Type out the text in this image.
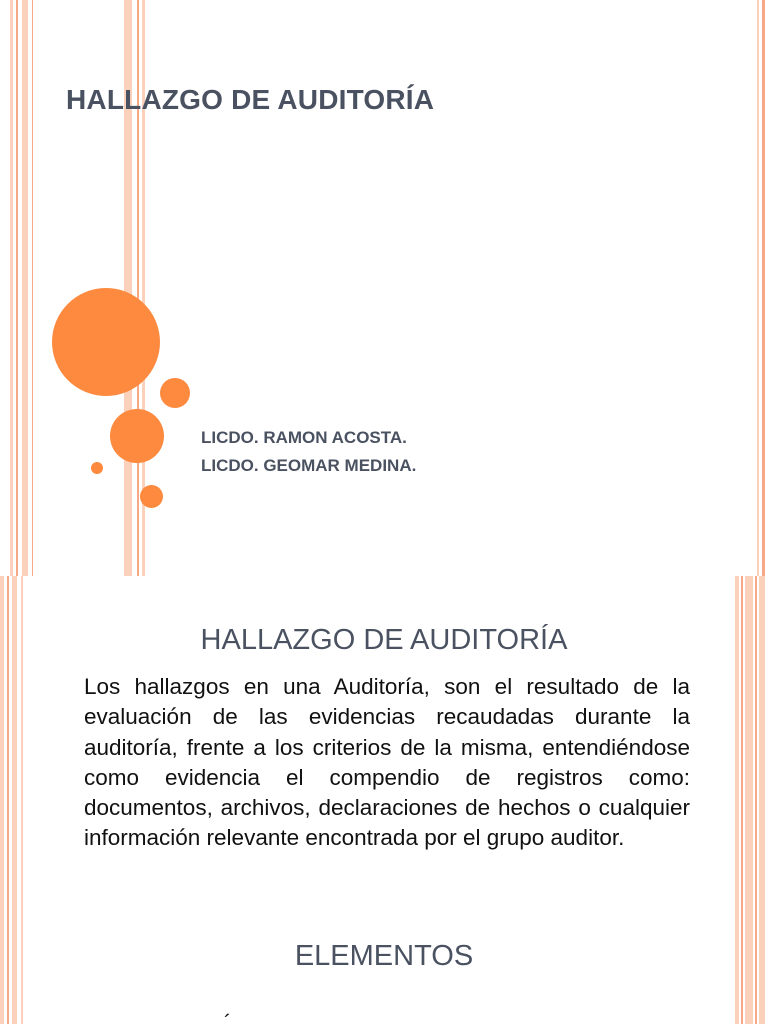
HALLAZGO DE AUDITORÍA
LICDO. RAMON ACOSTA.
LICDO. GEOMAR MEDINA.
HALLAZGO DE AUDITORÍA
Los hallazgos en una Auditoría, son el resultado de la evaluación de las evidencias recaudadas durante la auditoría, frente a los criterios de la misma, entendiéndose como evidencia el compendio de registros como: documentos, archivos, declaraciones de hechos o cualquier información relevante encontrada por el grupo auditor.
ELEMENTOS
´
